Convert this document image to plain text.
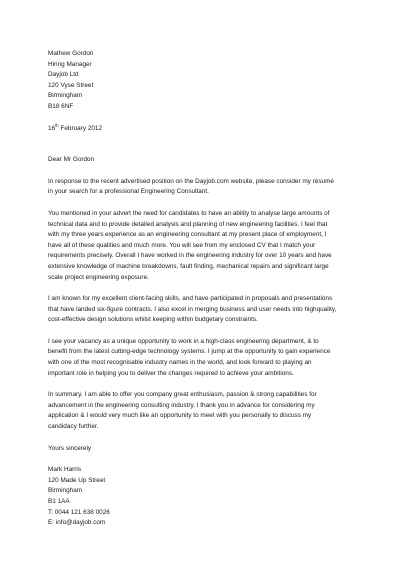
Mathew Gordon
Hiring Manager
Dayjob Ltd
120 Vyse Street
Birmingham
B18 6NF
16th February 2012
Dear Mr Gordon
In response to the recent advertised position on the Dayjob.com website, please consider my résumé
in your search for a professional Engineering Consultant.
You mentioned in your advert the need for candidates to have an ability to analyse large amounts of
technical data and to provide detailed analysis and planning of new engineering facilities. I feel that
with my three years experience as an engineering consultant at my present place of employment, I
have all of these qualities and much more. You will see from my enclosed CV that I match your
requirements precisely. Overall I have worked in the engineering industry for over 10 years and have
extensive knowledge of machine breakdowns, fault finding, mechanical repairs and significant large
scale project engineering exposure.
I am known for my excellent client-facing skills, and have participated in proposals and presentations
that have landed six-figure contracts. I also excel in merging business and user needs into highquality,
cost-effective design solutions whilst keeping within budgetary constraints.
I see your vacancy as a unique opportunity to work in a high-class engineering department, & to
benefit from the latest cutting-edge technology systems. I jump at the opportunity to gain experience
with one of the most recognisable industry names in the world, and look forward to playing an
important role in helping you to deliver the changes required to achieve your ambitions.
In summary, I am able to offer you company great enthusiasm, passion & strong capabilities for
advancement in the engineering consulting industry. I thank you in advance for considering my
application & I would very much like an opportunity to meet with you personally to discuss my
candidacy further.
Yours sincerely
Mark Harris
120 Made Up Street
Birmingham
B1 1AA
T: 0044 121 638 0026
E: info@dayjob.com
